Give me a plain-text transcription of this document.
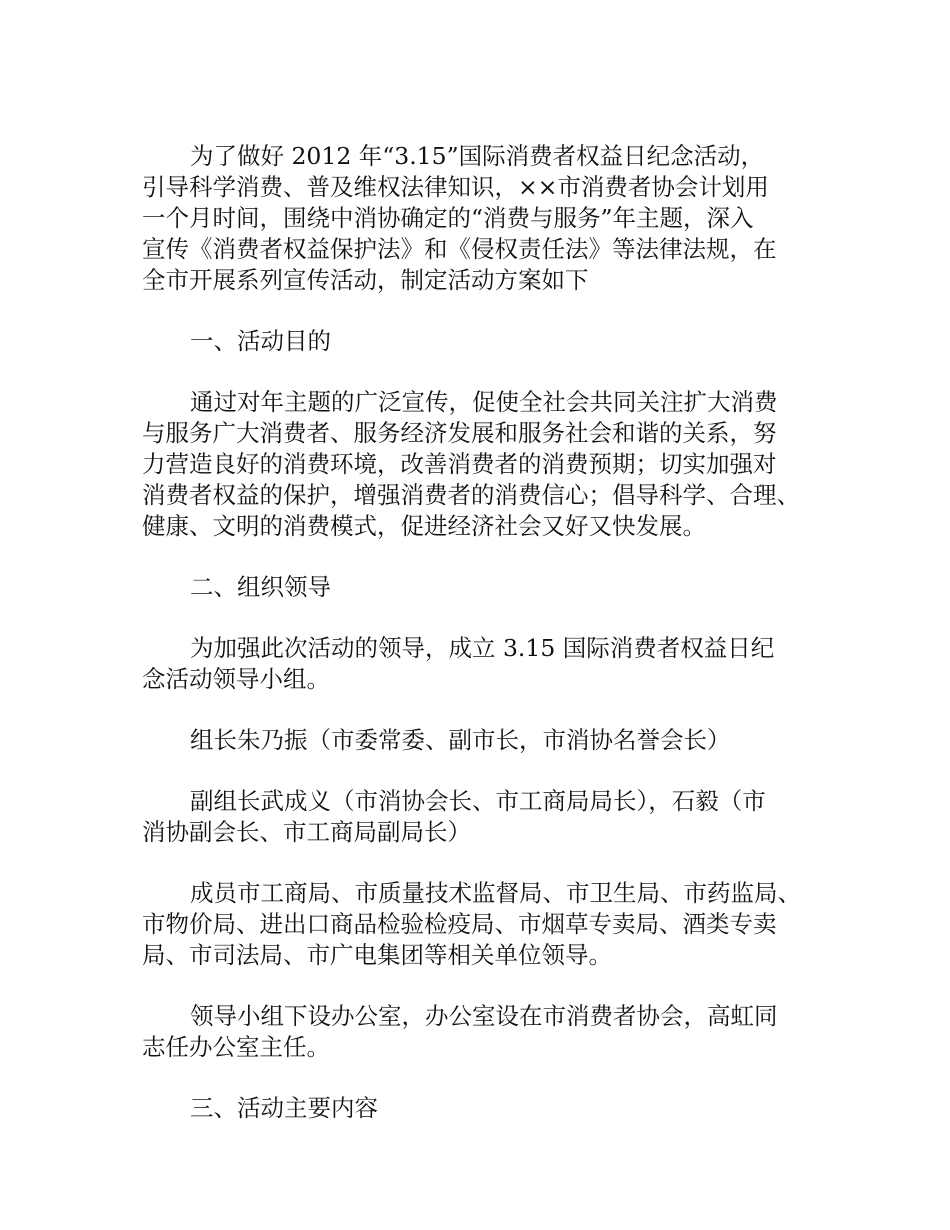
为了做好 2012 年“3.15”国际消费者权益日纪念活动，
引导科学消费、普及维权法律知识，××市消费者协会计划用
一个月时间，围绕中消协确定的“消费与服务”年主题，深入
宣传《消费者权益保护法》和《侵权责任法》等法律法规，在
全市开展系列宣传活动，制定活动方案如下
一、活动目的
通过对年主题的广泛宣传，促使全社会共同关注扩大消费
与服务广大消费者、服务经济发展和服务社会和谐的关系，努
力营造良好的消费环境，改善消费者的消费预期；切实加强对
消费者权益的保护，增强消费者的消费信心；倡导科学、合理、
健康、文明的消费模式，促进经济社会又好又快发展。
二、组织领导
为加强此次活动的领导，成立 3.15 国际消费者权益日纪
念活动领导小组。
组长朱乃振（市委常委、副市长，市消协名誉会长）
副组长武成义（市消协会长、市工商局局长），石毅（市
消协副会长、市工商局副局长）
成员市工商局、市质量技术监督局、市卫生局、市药监局、
市物价局、进出口商品检验检疫局、市烟草专卖局、酒类专卖
局、市司法局、市广电集团等相关单位领导。
领导小组下设办公室，办公室设在市消费者协会，高虹同
志任办公室主任。
三、活动主要内容
